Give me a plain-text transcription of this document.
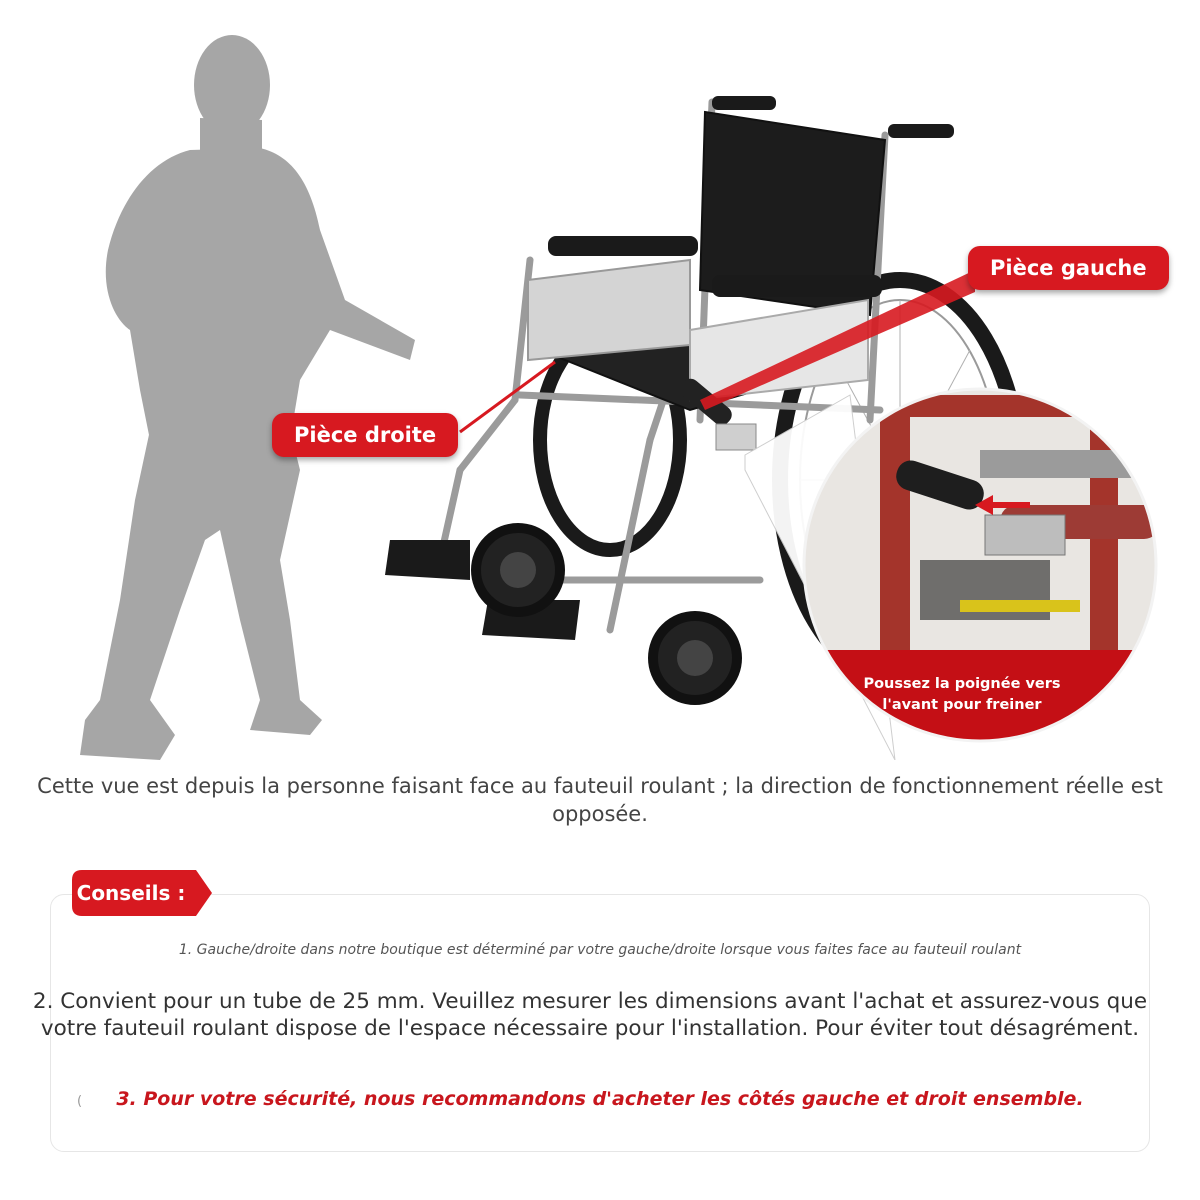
Pièce droite
Pièce gauche
Poussez la poignée vers l'avant pour freiner
Cette vue est depuis la personne faisant face au fauteuil roulant ; la direction de fonctionnement réelle est opposée.
Conseils :
1. Gauche/droite dans notre boutique est déterminé par votre gauche/droite lorsque vous faites face au fauteuil roulant
2. Convient pour un tube de 25 mm. Veuillez mesurer les dimensions avant l'achat et assurez-vous que votre fauteuil roulant dispose de l'espace nécessaire pour l'installation. Pour éviter tout désagrément.
(	3. Pour votre sécurité, nous recommandons d'acheter les côtés gauche et droit ensemble.
